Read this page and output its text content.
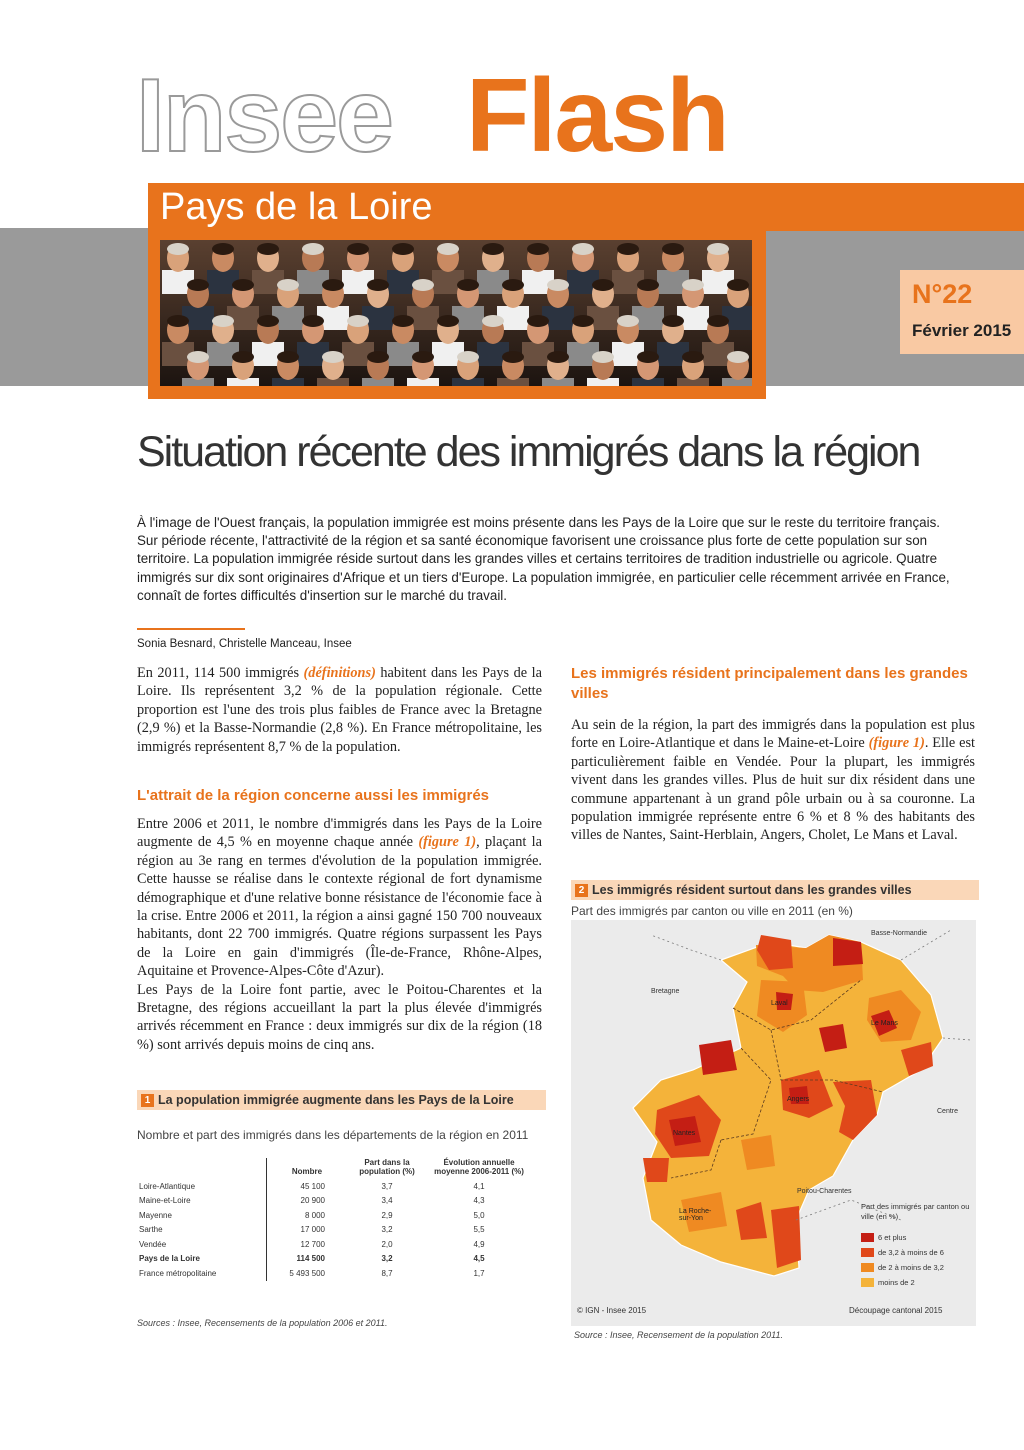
Insee Flash
Pays de la Loire
N°22
Février 2015
Situation récente des immigrés dans la région
À l'image de l'Ouest français, la population immigrée est moins présente dans les Pays de la Loire que sur le reste du territoire français. Sur période récente, l'attractivité de la région et sa santé économique favorisent une croissance plus forte de cette population sur son territoire. La population immigrée réside surtout dans les grandes villes et certains territoires de tradition industrielle ou agricole. Quatre immigrés sur dix sont originaires d'Afrique et un tiers d'Europe. La population immigrée, en particulier celle récemment arrivée en France, connaît de fortes difficultés d'insertion sur le marché du travail.
Sonia Besnard, Christelle Manceau, Insee
En 2011, 114 500 immigrés (définitions) habitent dans les Pays de la Loire. Ils représentent 3,2 % de la population régionale. Cette proportion est l'une des trois plus faibles de France avec la Bretagne (2,9 %) et la Basse-Normandie (2,8 %). En France métropolitaine, les immigrés représentent 8,7 % de la population.
L'attrait de la région concerne aussi les immigrés
Entre 2006 et 2011, le nombre d'immigrés dans les Pays de la Loire augmente de 4,5 % en moyenne chaque année (figure 1), plaçant la région au 3e rang en termes d'évolution de la population immigrée. Cette hausse se réalise dans le contexte régional de fort dynamisme démographique et d'une relative bonne résistance de l'économie face à la crise. Entre 2006 et 2011, la région a ainsi gagné 150 700 nouveaux habitants, dont 22 700 immigrés. Quatre régions surpassent les Pays de la Loire en gain d'immigrés (Île-de-France, Rhône-Alpes, Aquitaine et Provence-Alpes-Côte d'Azur).
Les Pays de la Loire font partie, avec le Poitou-Charentes et la Bretagne, des régions accueillant la part la plus élevée d'immigrés arrivés récemment en France : deux immigrés sur dix de la région (18 %) sont arrivés depuis moins de cinq ans.
1 La population immigrée augmente dans les Pays de la Loire
Nombre et part des immigrés dans les départements de la région en 2011
	Nombre	Part dans la population (%)	Évolution annuelle moyenne 2006-2011 (%)
Loire-Atlantique	45 100	3,7	4,1
Maine-et-Loire	20 900	3,4	4,3
Mayenne	8 000	2,9	5,0
Sarthe	17 000	3,2	5,5
Vendée	12 700	2,0	4,9
Pays de la Loire	114 500	3,2	4,5
France métropolitaine	5 493 500	8,7	1,7
Sources : Insee, Recensements de la population 2006 et 2011.
Les immigrés résident principalement dans les grandes villes
Au sein de la région, la part des immigrés dans la population est plus forte en Loire-Atlantique et dans le Maine-et-Loire (figure 1). Elle est particulièrement faible en Vendée. Pour la plupart, les immigrés vivent dans les grandes villes. Plus de huit sur dix résident dans une commune appartenant à un grand pôle urbain ou à sa couronne. La population immigrée représente entre 6 % et 8 % des habitants des villes de Nantes, Saint-Herblain, Angers, Cholet, Le Mans et Laval.
2 Les immigrés résident surtout dans les grandes villes
Part des immigrés par canton ou ville en 2011 (en %)
Basse-Normandie
Bretagne
Centre
Poitou-Charentes
Laval
Le Mans
Angers
Nantes
La Roche-sur-Yon
Part des immigrés par canton ou ville (en %)
6 et plus
de 3,2 à moins de 6
de 2 à moins de 3,2
moins de 2
© IGN - Insee 2015	Découpage cantonal 2015
Source : Insee, Recensement de la population 2011.
